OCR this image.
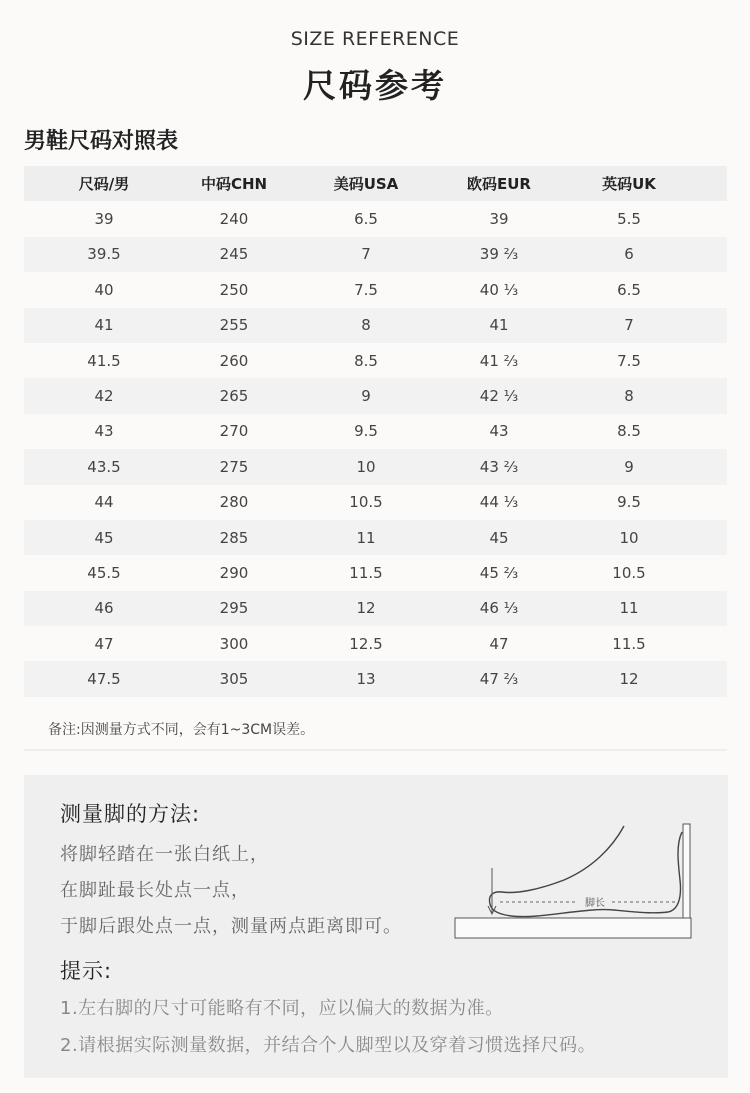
SIZE REFERENCE
尺码参考
男鞋尺码对照表
尺码/男	中码CHN	美码USA	欧码EUR	英码UK
39	240	6.5	39	5.5
39.5	245	7	39 ⅔	6
40	250	7.5	40 ⅓	6.5
41	255	8	41	7
41.5	260	8.5	41 ⅔	7.5
42	265	9	42 ⅓	8
43	270	9.5	43	8.5
43.5	275	10	43 ⅔	9
44	280	10.5	44 ⅓	9.5
45	285	11	45	10
45.5	290	11.5	45 ⅔	10.5
46	295	12	46 ⅓	11
47	300	12.5	47	11.5
47.5	305	13	47 ⅔	12
备注:因测量方式不同，会有1~3CM误差。
测量脚的方法:
将脚轻踏在一张白纸上，
在脚趾最长处点一点，
于脚后跟处点一点，测量两点距离即可。
脚长
提示:
1.左右脚的尺寸可能略有不同，应以偏大的数据为准。
2.请根据实际测量数据，并结合个人脚型以及穿着习惯选择尺码。
